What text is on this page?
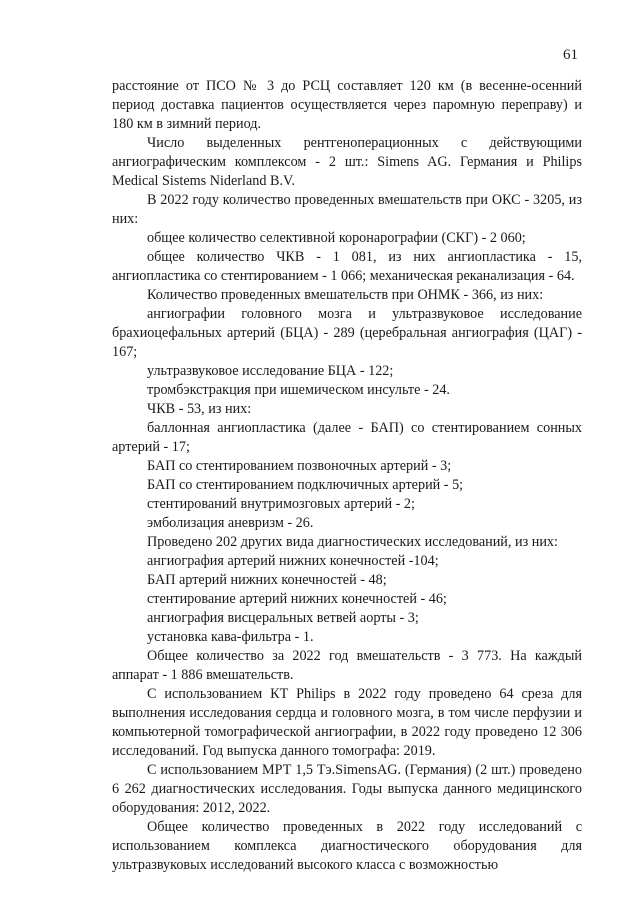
61

расстояние от ПСО № 3 до РСЦ составляет 120 км (в весенне-осенний период доставка пациентов осуществляется через паромную переправу) и 180 км в зимний период.

Число выделенных рентгеноперационных с действующими ангиографическим комплексом - 2 шт.: Simens AG. Германия и Philips Medical Sistems Niderland B.V.

В 2022 году количество проведенных вмешательств при ОКС - 3205, из них:

общее количество селективной коронарографии (СКГ) - 2 060;

общее количество ЧКВ - 1 081, из них ангиопластика - 15, ангиопластика со стентированием - 1 066; механическая реканализация - 64.

Количество проведенных вмешательств при ОНМК - 366, из них:

ангиографии головного мозга и ультразвуковое исследование брахиоцефальных артерий (БЦА) - 289 (церебральная ангиография (ЦАГ) - 167;

ультразвуковое исследование БЦА - 122;

тромбэкстракция при ишемическом инсульте - 24.

ЧКВ - 53, из них:

баллонная ангиопластика (далее - БАП) со стентированием сонных артерий - 17;

БАП со стентированием позвоночных артерий - 3;

БАП со стентированием подключичных артерий - 5;

стентирований внутримозговых артерий - 2;

эмболизация аневризм - 26.

Проведено 202 других вида диагностических исследований, из них:

ангиография артерий нижних конечностей -104;

БАП артерий нижних конечностей - 48;

стентирование артерий нижних конечностей - 46;

ангиография висцеральных ветвей аорты - 3;

установка кава-фильтра - 1.

Общее количество за 2022 год вмешательств - 3 773. На каждый аппарат - 1 886 вмешательств.

С использованием КТ Philips в 2022 году проведено 64 среза для выполнения исследования сердца и головного мозга, в том числе перфузии и компьютерной томографической ангиографии, в 2022 году проведено 12 306 исследований. Год выпуска данного томографа: 2019.

С использованием МРТ 1,5 Тэ.SimensAG. (Германия) (2 шт.) проведено 6 262 диагностических исследования. Годы выпуска данного медицинского оборудования: 2012, 2022.

Общее количество проведенных в 2022 году исследований с использованием комплекса диагностического оборудования для ультразвуковых исследований высокого класса с возможностью
